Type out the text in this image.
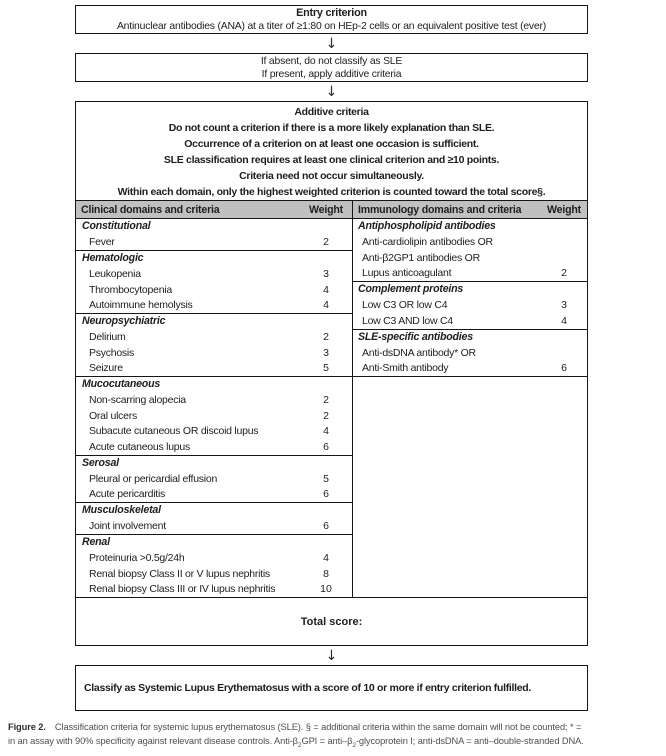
Entry criterion
Antinuclear antibodies (ANA) at a titer of ≥1:80 on HEp-2 cells or an equivalent positive test (ever)
↓
If absent, do not classify as SLE
If present, apply additive criteria
↓
Additive criteria
Do not count a criterion if there is a more likely explanation than SLE.
Occurrence of a criterion on at least one occasion is sufficient.
SLE classification requires at least one clinical criterion and ≥10 points.
Criteria need not occur simultaneously.
Within each domain, only the highest weighted criterion is counted toward the total score§.
Clinical domains and criteria	Weight
Constitutional
Fever	2
Hematologic
Leukopenia	3
Thrombocytopenia	4
Autoimmune hemolysis	4
Neuropsychiatric
Delirium	2
Psychosis	3
Seizure	5
Mucocutaneous
Non-scarring alopecia	2
Oral ulcers	2
Subacute cutaneous OR discoid lupus	4
Acute cutaneous lupus	6
Serosal
Pleural or pericardial effusion	5
Acute pericarditis	6
Musculoskeletal
Joint involvement	6
Renal
Proteinuria >0.5g/24h	4
Renal biopsy Class II or V lupus nephritis	8
Renal biopsy Class III or IV lupus nephritis	10
Immunology domains and criteria	Weight
Antiphospholipid antibodies
Anti-cardiolipin antibodies OR
Anti-β2GP1 antibodies OR
Lupus anticoagulant	2
Complement proteins
Low C3 OR low C4	3
Low C3 AND low C4	4
SLE-specific antibodies
Anti-dsDNA antibody* OR
Anti-Smith antibody	6
Total score:
↓
Classify as Systemic Lupus Erythematosus with a score of 10 or more if entry criterion fulfilled.
Figure 2. Classification criteria for systemic lupus erythematosus (SLE). § = additional criteria within the same domain will not be counted; * =
in an assay with 90% specificity against relevant disease controls. Anti-$\beta_2GPI$ = anti–$\beta_2$-glycoprotein I; anti-dsDNA = anti–double-stranded DNA.
